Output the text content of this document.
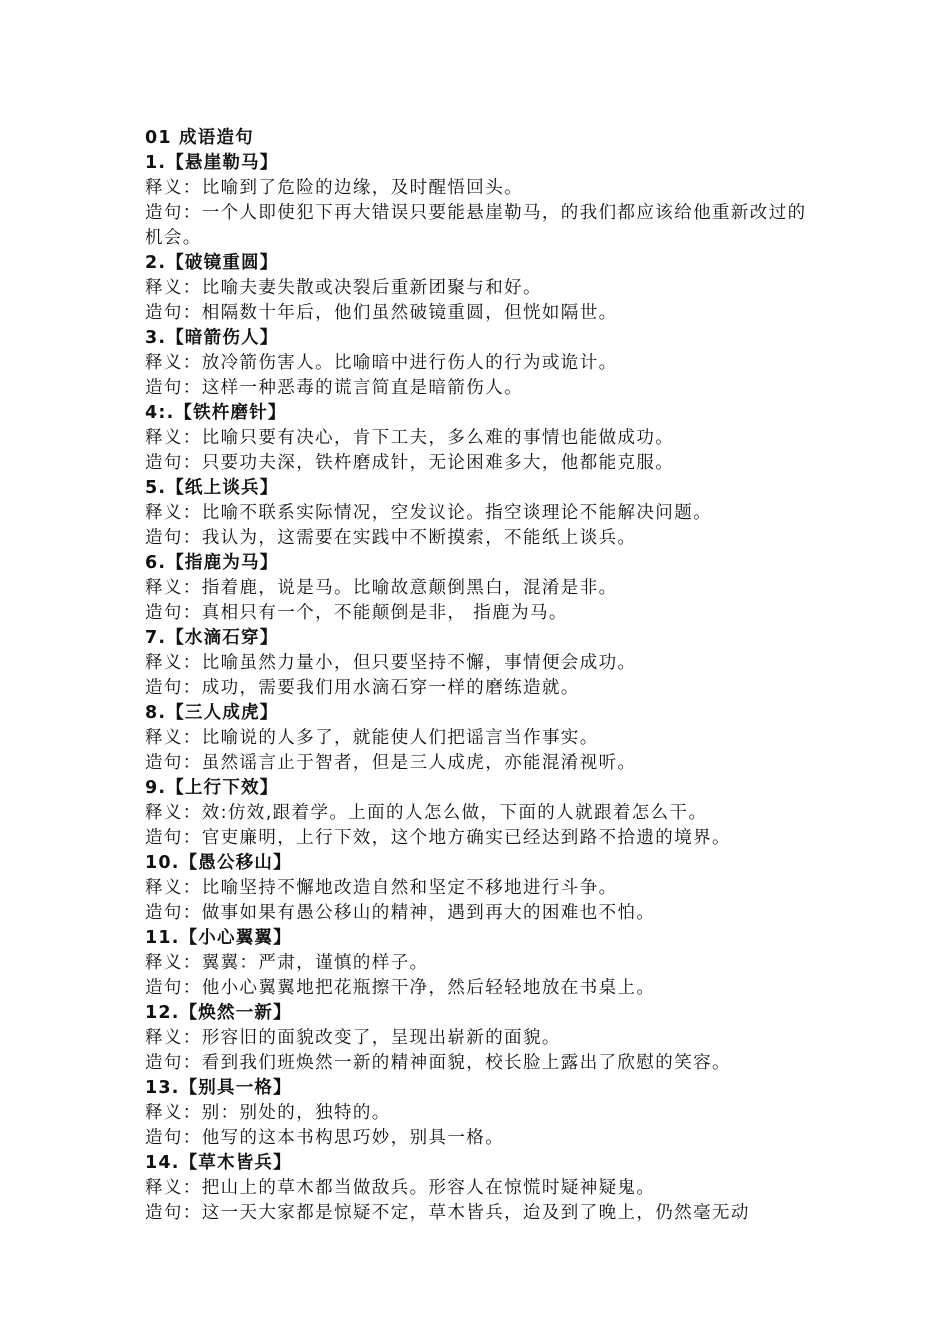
01 成语造句
1.【悬崖勒马】
释义：比喻到了危险的边缘，及时醒悟回头。
造句：一个人即使犯下再大错误只要能悬崖勒马，的我们都应该给他重新改过的机会。
2.【破镜重圆】
释义：比喻夫妻失散或决裂后重新团聚与和好。
造句：相隔数十年后，他们虽然破镜重圆，但恍如隔世。
3.【暗箭伤人】
释义：放冷箭伤害人。比喻暗中进行伤人的行为或诡计。
造句：这样一种恶毒的谎言简直是暗箭伤人。
4:.【铁杵磨针】
释义：比喻只要有决心，肯下工夫，多么难的事情也能做成功。
造句：只要功夫深，铁杵磨成针，无论困难多大，他都能克服。
5.【纸上谈兵】
释义：比喻不联系实际情况，空发议论。指空谈理论不能解决问题。
造句：我认为，这需要在实践中不断摸索，不能纸上谈兵。
6.【指鹿为马】
释义：指着鹿，说是马。比喻故意颠倒黑白，混淆是非。
造句：真相只有一个，不能颠倒是非， 指鹿为马。
7.【水滴石穿】
释义：比喻虽然力量小，但只要坚持不懈，事情便会成功。
造句：成功，需要我们用水滴石穿一样的磨练造就。
8.【三人成虎】
释义：比喻说的人多了，就能使人们把谣言当作事实。
造句：虽然谣言止于智者，但是三人成虎，亦能混淆视听。
9.【上行下效】
释义：效:仿效,跟着学。上面的人怎么做，下面的人就跟着怎么干。
造句：官吏廉明，上行下效，这个地方确实已经达到路不拾遗的境界。
10.【愚公移山】
释义：比喻坚持不懈地改造自然和坚定不移地进行斗争。
造句：做事如果有愚公移山的精神，遇到再大的困难也不怕。
11.【小心翼翼】
释义：翼翼：严肃，谨慎的样子。
造句：他小心翼翼地把花瓶擦干净，然后轻轻地放在书桌上。
12.【焕然一新】
释义：形容旧的面貌改变了，呈现出崭新的面貌。
造句：看到我们班焕然一新的精神面貌，校长脸上露出了欣慰的笑容。
13.【别具一格】
释义：别：别处的，独特的。
造句：他写的这本书构思巧妙，别具一格。
14.【草木皆兵】
释义：把山上的草木都当做敌兵。形容人在惊慌时疑神疑鬼。
造句：这一天大家都是惊疑不定，草木皆兵，迨及到了晚上，仍然毫无动
